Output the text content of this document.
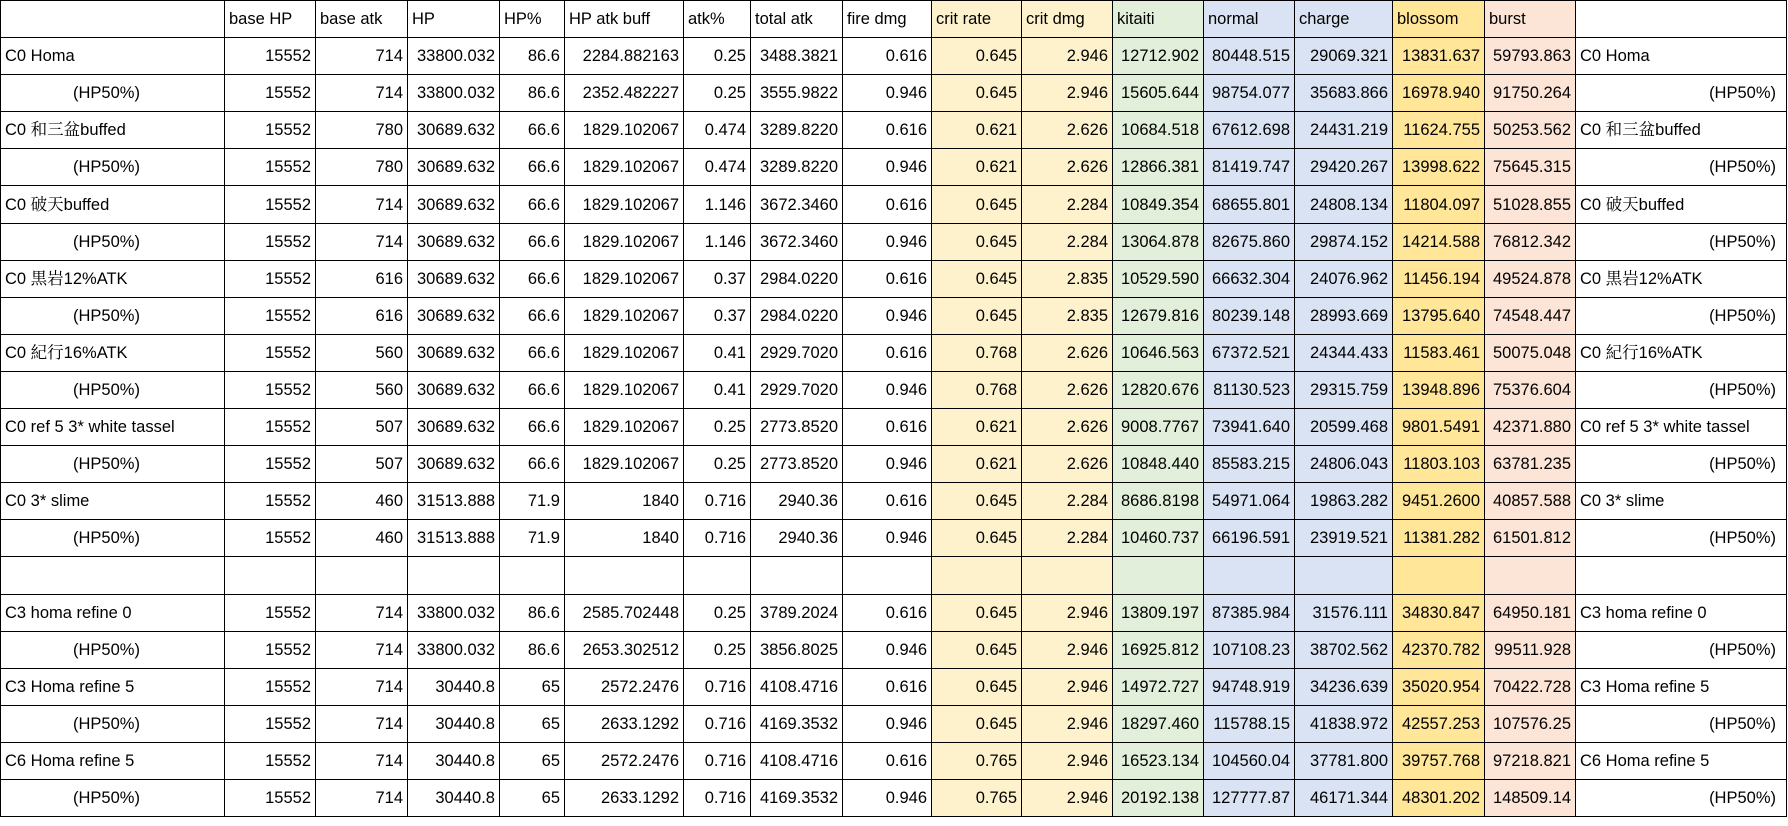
	base HP	base atk	HP	HP%	HP atk buff	atk%	total atk	fire dmg	crit rate	crit dmg	kitaiti	normal	charge	blossom	burst	
C0 Homa	15552	714	33800.032	86.6	2284.882163	0.25	3488.3821	0.616	0.645	2.946	12712.902	80448.515	29069.321	13831.637	59793.863	C0 Homa
(HP50%)	15552	714	33800.032	86.6	2352.482227	0.25	3555.9822	0.946	0.645	2.946	15605.644	98754.077	35683.866	16978.940	91750.264	(HP50%)
C0 和三盆buffed	15552	780	30689.632	66.6	1829.102067	0.474	3289.8220	0.616	0.621	2.626	10684.518	67612.698	24431.219	11624.755	50253.562	C0 和三盆buffed
(HP50%)	15552	780	30689.632	66.6	1829.102067	0.474	3289.8220	0.946	0.621	2.626	12866.381	81419.747	29420.267	13998.622	75645.315	(HP50%)
C0 破天buffed	15552	714	30689.632	66.6	1829.102067	1.146	3672.3460	0.616	0.645	2.284	10849.354	68655.801	24808.134	11804.097	51028.855	C0 破天buffed
(HP50%)	15552	714	30689.632	66.6	1829.102067	1.146	3672.3460	0.946	0.645	2.284	13064.878	82675.860	29874.152	14214.588	76812.342	(HP50%)
C0 黒岩12%ATK	15552	616	30689.632	66.6	1829.102067	0.37	2984.0220	0.616	0.645	2.835	10529.590	66632.304	24076.962	11456.194	49524.878	C0 黒岩12%ATK
(HP50%)	15552	616	30689.632	66.6	1829.102067	0.37	2984.0220	0.946	0.645	2.835	12679.816	80239.148	28993.669	13795.640	74548.447	(HP50%)
C0 紀行16%ATK	15552	560	30689.632	66.6	1829.102067	0.41	2929.7020	0.616	0.768	2.626	10646.563	67372.521	24344.433	11583.461	50075.048	C0 紀行16%ATK
(HP50%)	15552	560	30689.632	66.6	1829.102067	0.41	2929.7020	0.946	0.768	2.626	12820.676	81130.523	29315.759	13948.896	75376.604	(HP50%)
C0 ref 5 3* white tassel	15552	507	30689.632	66.6	1829.102067	0.25	2773.8520	0.616	0.621	2.626	9008.7767	73941.640	20599.468	9801.5491	42371.880	C0 ref 5 3* white tassel
(HP50%)	15552	507	30689.632	66.6	1829.102067	0.25	2773.8520	0.946	0.621	2.626	10848.440	85583.215	24806.043	11803.103	63781.235	(HP50%)
C0 3* slime	15552	460	31513.888	71.9	1840	0.716	2940.36	0.616	0.645	2.284	8686.8198	54971.064	19863.282	9451.2600	40857.588	C0 3* slime
(HP50%)	15552	460	31513.888	71.9	1840	0.716	2940.36	0.946	0.645	2.284	10460.737	66196.591	23919.521	11381.282	61501.812	(HP50%)

C3 homa refine 0	15552	714	33800.032	86.6	2585.702448	0.25	3789.2024	0.616	0.645	2.946	13809.197	87385.984	31576.111	34830.847	64950.181	C3 homa refine 0
(HP50%)	15552	714	33800.032	86.6	2653.302512	0.25	3856.8025	0.946	0.645	2.946	16925.812	107108.23	38702.562	42370.782	99511.928	(HP50%)
C3 Homa refine 5	15552	714	30440.8	65	2572.2476	0.716	4108.4716	0.616	0.645	2.946	14972.727	94748.919	34236.639	35020.954	70422.728	C3 Homa refine 5
(HP50%)	15552	714	30440.8	65	2633.1292	0.716	4169.3532	0.946	0.645	2.946	18297.460	115788.15	41838.972	42557.253	107576.25	(HP50%)
C6 Homa refine 5	15552	714	30440.8	65	2572.2476	0.716	4108.4716	0.616	0.765	2.946	16523.134	104560.04	37781.800	39757.768	97218.821	C6 Homa refine 5
(HP50%)	15552	714	30440.8	65	2633.1292	0.716	4169.3532	0.946	0.765	2.946	20192.138	127777.87	46171.344	48301.202	148509.14	(HP50%)
